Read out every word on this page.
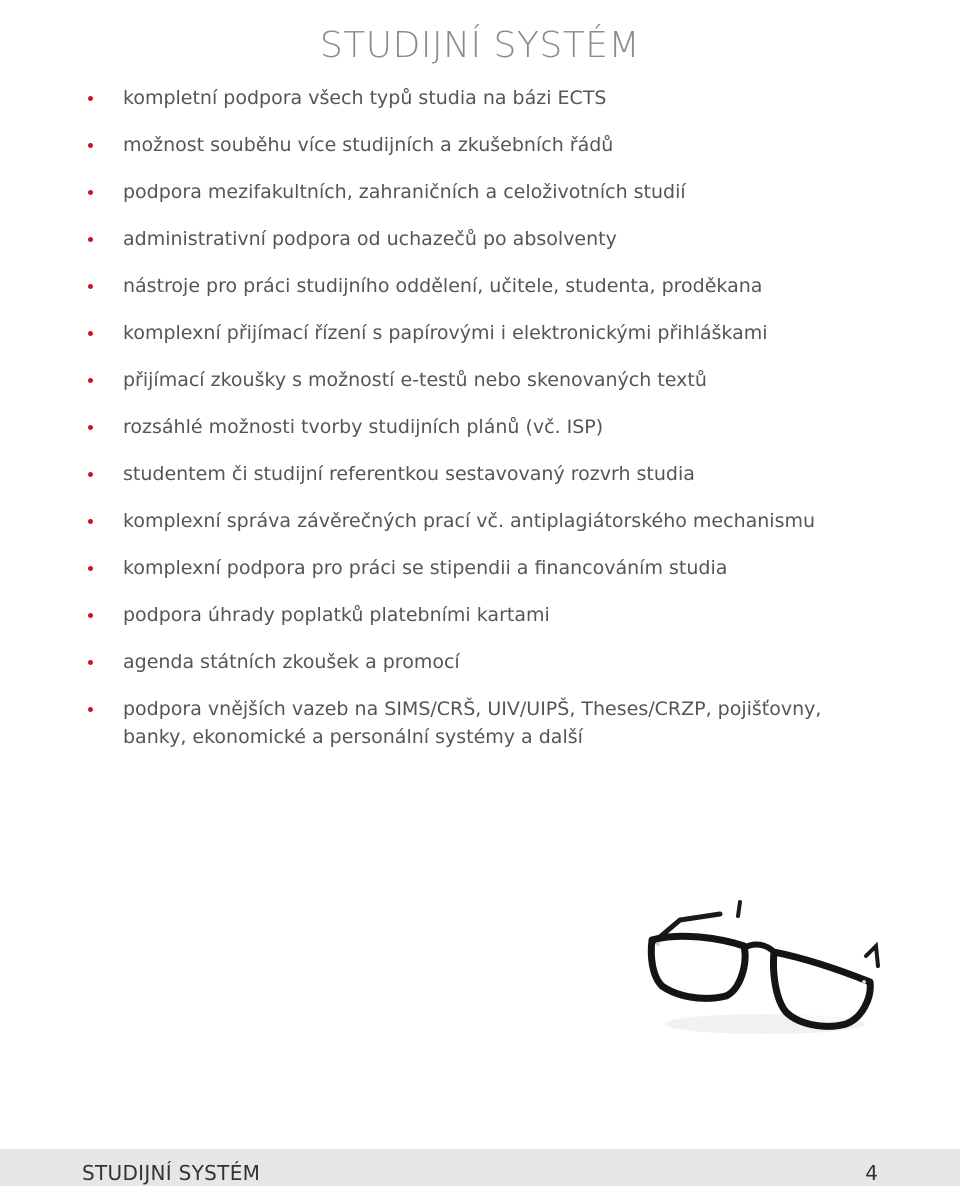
STUDIJNÍ SYSTÉM
kompletní podpora všech typů studia na bázi ECTS
možnost souběhu více studijních a zkušebních řádů
podpora mezifakultních, zahraničních a celoživotních studií
administrativní podpora od uchazečů po absolventy
nástroje pro práci studijního oddělení, učitele, studenta, proděkana
komplexní přijímací řízení s papírovými i elektronickými přihláškami
přijímací zkoušky s možností e-testů nebo skenovaných textů
rozsáhlé možnosti tvorby studijních plánů (vč. ISP)
studentem či studijní referentkou sestavovaný rozvrh studia
komplexní správa závěrečných prací vč. antiplagiátorského mechanismu
komplexní podpora pro práci se stipendii a financováním studia
podpora úhrady poplatků platebními kartami
agenda státních zkoušek a promocí
podpora vnějších vazeb na SIMS/CRŠ, UIV/UIPŠ, Theses/CRZP, pojišťovny, banky, ekonomické a personální systémy a další
STUDIJNÍ SYSTÉM	4
